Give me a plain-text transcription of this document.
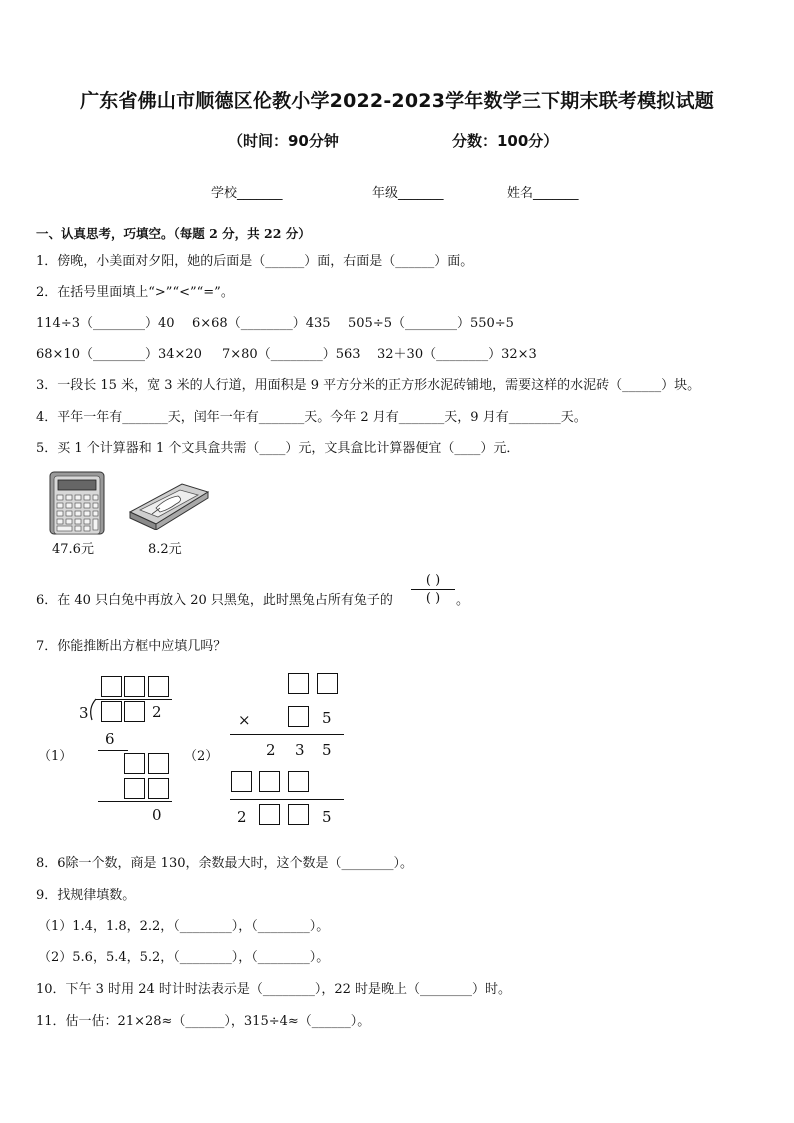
广东省佛山市顺德区伦教小学2022-2023学年数学三下期末联考模拟试题
（时间：90分钟	分数：100分）
学校_______	年级_______	姓名_______
一、认真思考，巧填空。（每题 2 分，共 22 分）
1．傍晚，小美面对夕阳，她的后面是（______）面，右面是（______）面。
2．在括号里面填上“>”“<”“=”。
114÷3（________）40 6×68（________）435 505÷5（________）550÷5
68×10（________）34×20 7×80（________）563 32＋30（________）32×3
3．一段长 15 米，宽 3 米的人行道，用面积是 9 平方分米的正方形水泥砖铺地，需要这样的水泥砖（______）块。
4．平年一年有_______天，闰年一年有_______天。今年 2 月有_______天，9 月有________天。
5．买 1 个计算器和 1 个文具盒共需（____）元，文具盒比计算器便宜（____）元．
47.6元	8.2元
6．在 40 只白兔中再放入 20 只黑兔，此时黑兔占所有兔子的
( )
( )	。
7．你能推断出方框中应填几吗？
（1）
3	2
6
0
（2）
×	5
2 3 5
2	5
8．6除一个数，商是 130，余数最大时，这个数是（________）。
9．找规律填数。
（1）1.4，1.8，2.2，（________），（________）。
（2）5.6，5.4，5.2，（________），（________）。
10．下午 3 时用 24 时计时法表示是（________），22 时是晚上（________）时。
11．估一估：21×28≈（______），315÷4≈（______）。
